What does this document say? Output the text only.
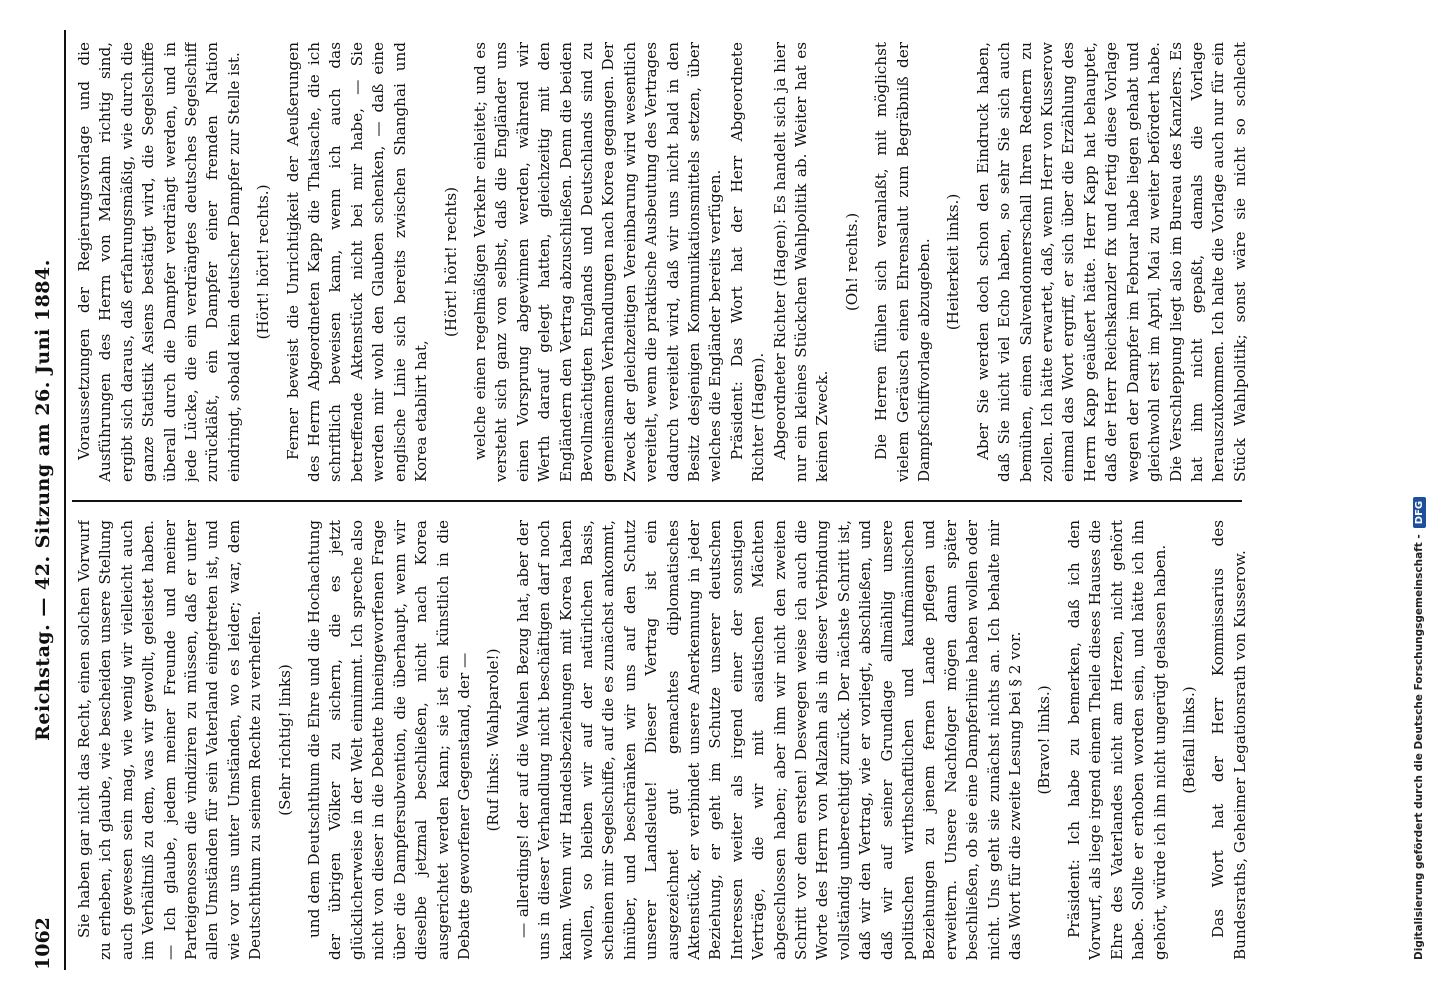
1062
Reichstag. — 42. Sitzung am 26. Juni 1884. Sie haben gar nicht das Recht, einen solchen Vorwurf zu erheben, ich glaube, wie bescheiden unsere Stellung auch gewesen sein mag, wie wenig wir vielleicht auch im Verhältniß zu dem, was wir gewollt, geleistet haben. — Ich glaube, jedem meiner Freunde und meiner Parteigenossen die vindiziren zu müssen, daß er unter allen Umständen für sein Vaterland eingetreten ist, und wie vor uns unter Umständen, wo es leider; war, dem Deutschthum zu seinem Rechte zu verhelfen. (Sehr richtig! links) und dem Deutschthum die Ehre und die Hochachtung der übrigen Völker zu sichern, die es jetzt glücklicherweise in der Welt einnimmt. Ich spreche also nicht von dieser in die Debatte hineingeworfenen Frage über die Dampfersubvention, die überhaupt, wenn wir dieselbe jetzmal beschließen, nicht nach Korea ausgerichtet werden kann; sie ist ein künstlich in die Debatte geworfener Gegenstand, der — (Ruf links: Wahlparole!) — allerdings! der auf die Wahlen Bezug hat, aber der uns in dieser Verhandlung nicht beschäftigen darf noch kann. Wenn wir Handelsbeziehungen mit Korea haben wollen, so bleiben wir auf der natürlichen Basis, scheinen mir Segelschiffe, auf die es zunächst ankommt, hinüber, und beschränken wir uns auf den Schutz unserer Landsleute! Dieser Vertrag ist ein ausgezeichnet gut gemachtes diplomatisches Aktenstück, er verbindet unsere Anerkennung in jeder Beziehung, er geht im Schutze unserer deutschen Interessen weiter als irgend einer der sonstigen Verträge, die wir mit asiatischen Mächten abgeschlossen haben; aber ihm wir nicht den zweiten Schritt vor dem ersten! Deswegen weise ich auch die Worte des Herrn von Malzahn als in dieser Verbindung vollständig unberechtigt zurück. Der nächste Schritt ist, daß wir den Vertrag, wie er vorliegt, abschließen, und daß wir auf seiner Grundlage allmählig unsere politischen wirthschaftlichen und kaufmännischen Beziehungen zu jenem fernen Lande pflegen und erweitern. Unsere Nachfolger mögen dann später beschließen, ob sie eine Dampferlinie haben wollen oder nicht. Uns geht sie zunächst nichts an. Ich behalte mir das Wort für die zweite Lesung bei § 2 vor. (Bravo! links.) Präsident: Ich habe zu bemerken, daß ich den Vorwurf, als liege irgend einem Theile dieses Hauses die Ehre des Vaterlandes nicht am Herzen, nicht gehört habe. Sollte er erhoben worden sein, und hätte ich ihn gehört, würde ich ihn nicht ungerügt gelassen haben. (Beifall links.) Das Wort hat der Herr Kommissarius des Bundesraths, Geheimer Legationsrath von Kusserow.

Voraussetzungen der Regierungsvorlage und die Ausführungen des Herrn von Malzahn richtig sind, ergibt sich daraus, daß erfahrungsmäßig, wie durch die ganze Statistik Asiens bestätigt wird, die Segelschiffe überall durch die Dampfer verdrängt werden, und in jede Lücke, die ein verdrängtes deutsches Segelschiff zurückläßt, ein Dampfer einer fremden Nation eindringt, sobald kein deutscher Dampfer zur Stelle ist. (Hört! hört! rechts.) Ferner beweist die Unrichtigkeit der Aeußerungen des Herrn Abgeordneten Kapp die Thatsache, die ich schriftlich beweisen kann, wenn ich auch das betreffende Aktenstück nicht bei mir habe, — Sie werden mir wohl den Glauben schenken, — daß eine englische Linie sich bereits zwischen Shanghai und Korea etablirt hat,

(Hört! hört! rechts) welche einen regelmäßigen Verkehr einleitet; und es versteht sich ganz von selbst, daß die Engländer uns einen Vorsprung abgewinnen werden, während wir Werth darauf gelegt hatten, gleichzeitig mit den Engländern den Vertrag abzuschließen. Denn die beiden Bevollmächtigten Englands und Deutschlands sind zu gemeinsamen Verhandlungen nach Korea gegangen. Der Zweck der gleichzeitigen Vereinbarung wird wesentlich vereitelt, wenn die praktische Ausbeutung des Vertrages dadurch vereitelt wird, daß wir uns nicht bald in den Besitz desjenigen Kommunikationsmittels setzen, über welches die Engländer bereits verfügen. Präsident: Das Wort hat der Herr Abgeordnete Richter (Hagen). Abgeordneter Richter (Hagen): Es handelt sich ja hier nur ein kleines Stückchen Wahlpolitik ab. Weiter hat es keinen Zweck.

(Oh! rechts.) Die Herren fühlen sich veranlaßt, mit möglichst vielem Geräusch einen Ehrensalut zum Begräbniß der Dampfschiffvorlage abzugeben. (Heiterkeit links.)

Aber Sie werden doch schon den Eindruck haben, daß Sie nicht viel Echo haben, so sehr Sie sich auch bemühen, einen Salvendonnerschall Ihren Rednern zu zollen. Ich hätte erwartet, daß, wenn Herr von Kusserow einmal das Wort ergriff, er sich über die Erzählung des Herrn Kapp geäußert hätte. Herr Kapp hat behauptet, daß der Herr Reichskanzler fix und fertig diese Vorlage wegen der Dampfer im Februar habe liegen gehabt und gleichwohl erst im April, Mai zu weiter befördert habe. Die Verschleppung liegt also im Bureau des Kanzlers. Es hat ihm nicht gepaßt, damals die Vorlage herauszukommen. Ich halte die Vorlage auch nur für ein Stück Wahlpolitik; sonst wäre sie nicht so schlecht

Digitalisierung gefördert durch die Deutsche Forschungsgemeinschaft -
DFG
